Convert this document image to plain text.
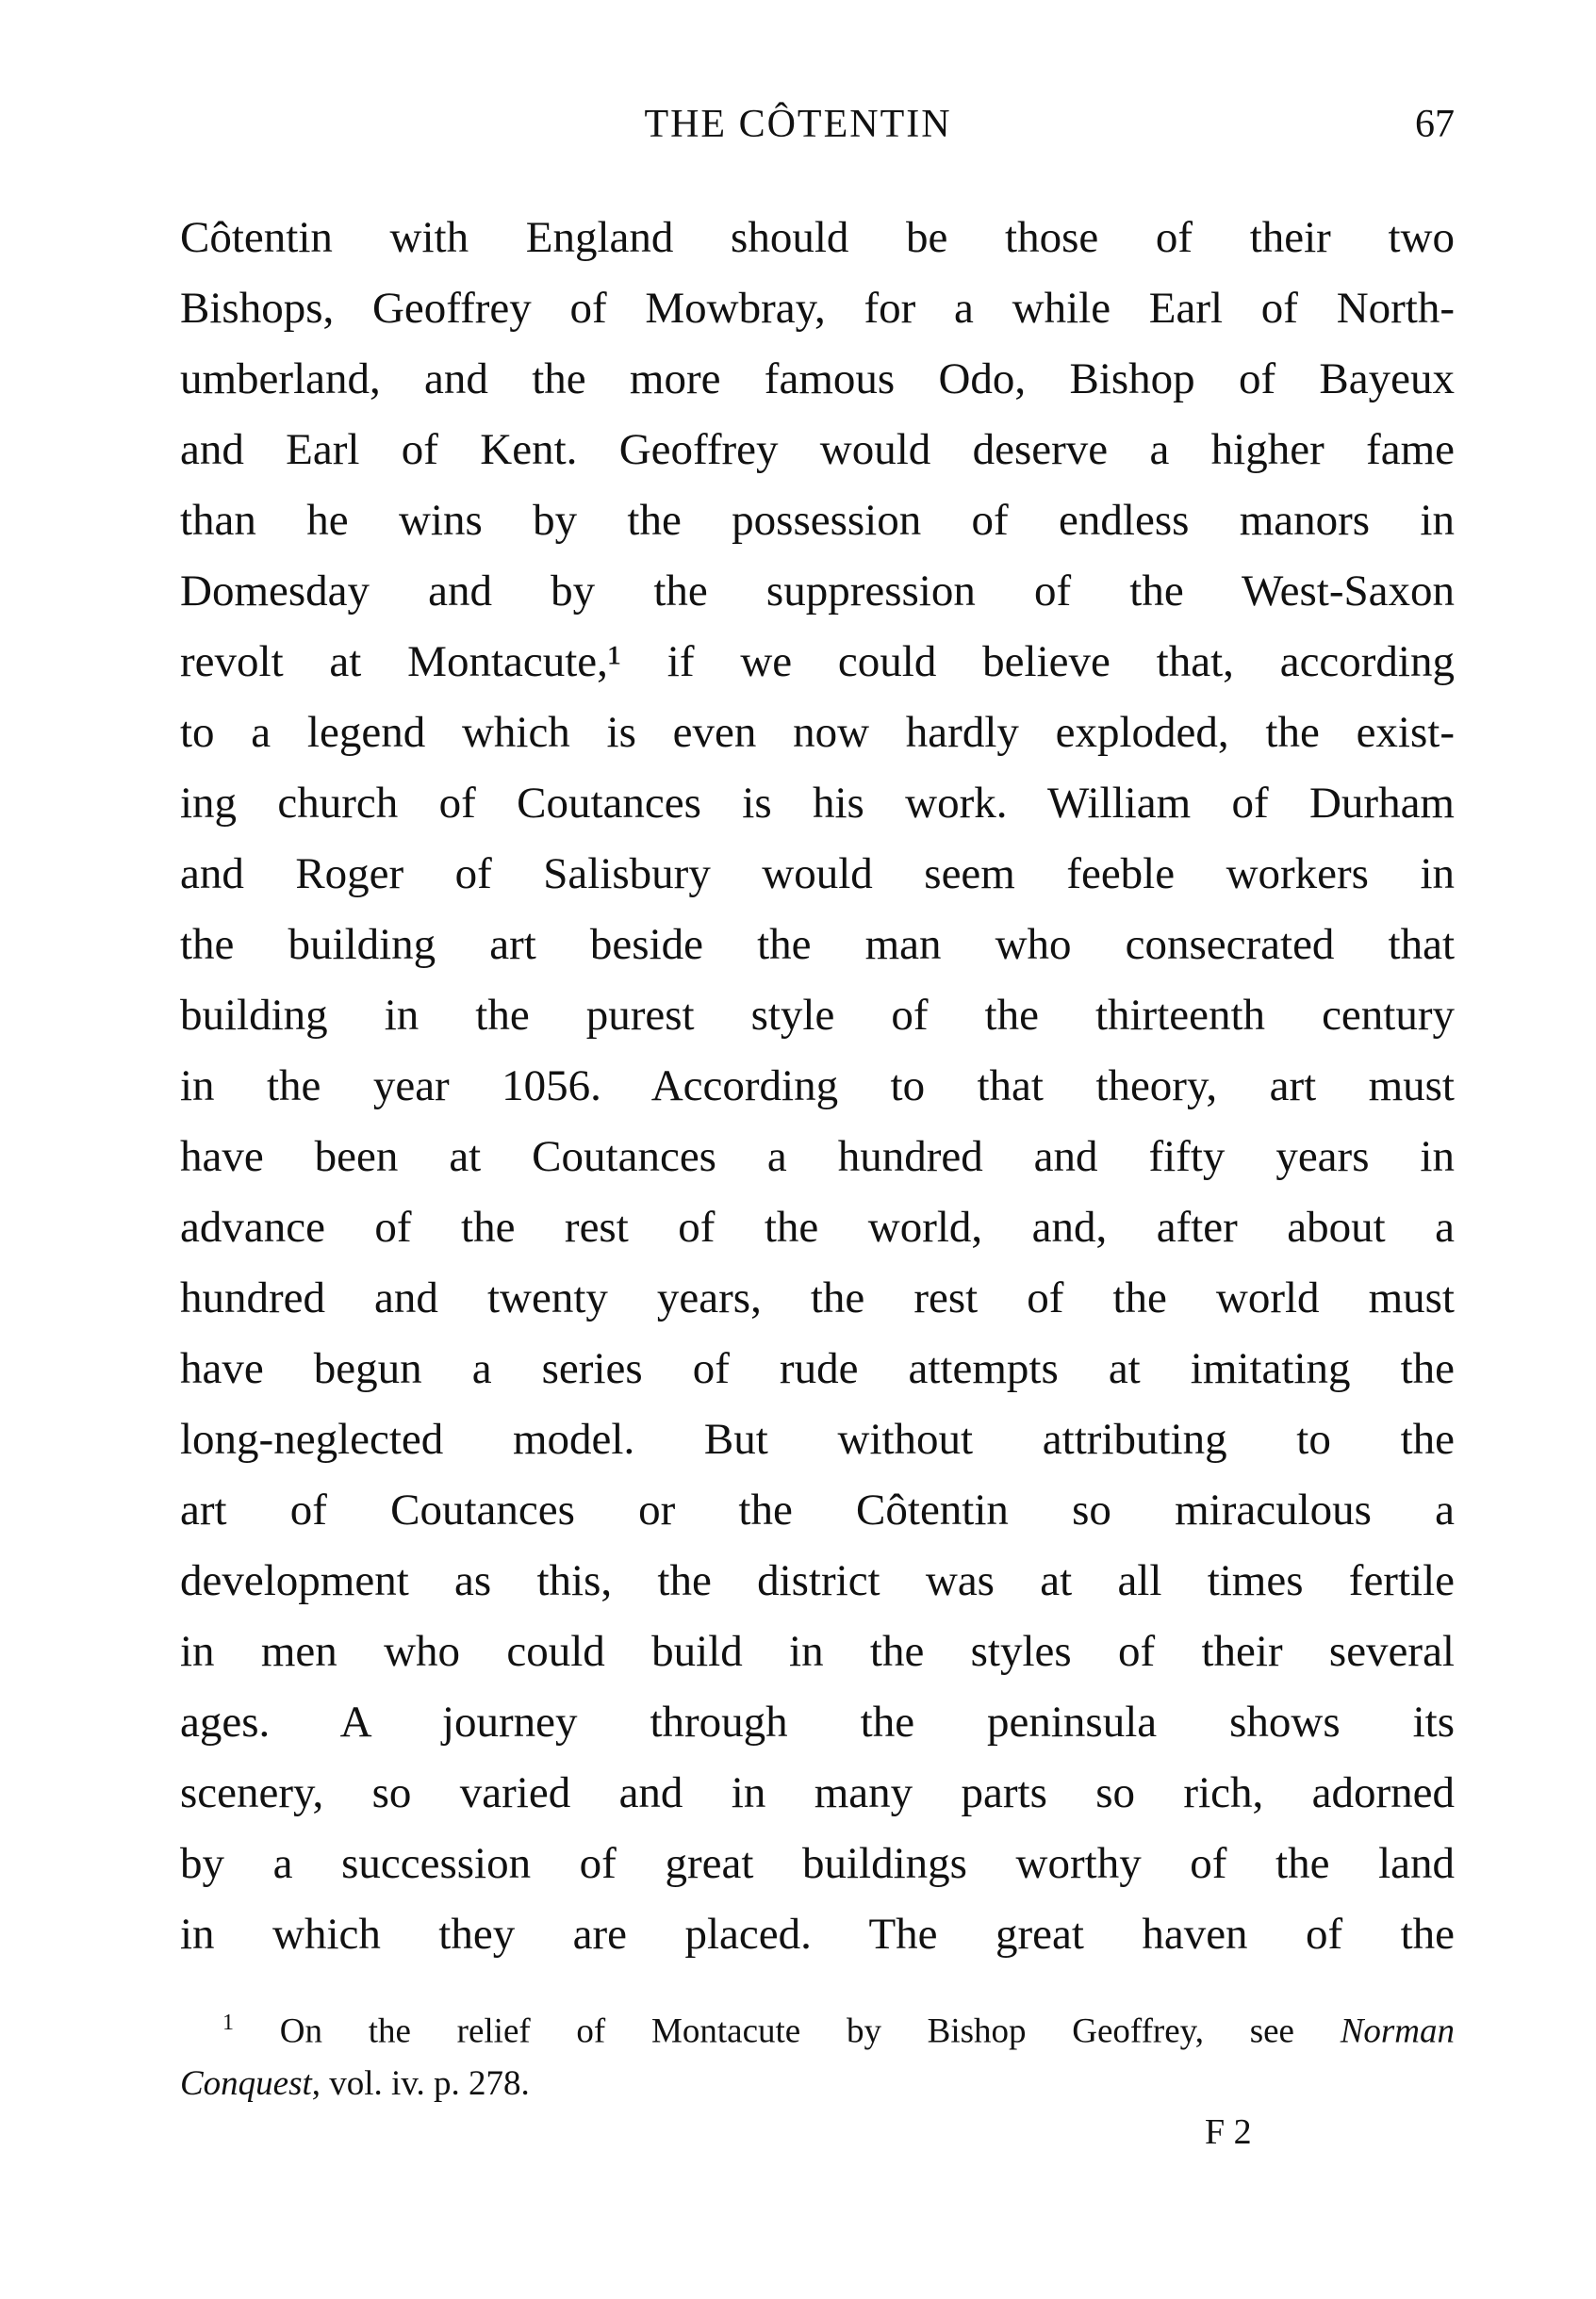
THE CÔTENTIN	67
Côtentin with England should be those of their two
Bishops, Geoffrey of Mowbray, for a while Earl of North-
umberland, and the more famous Odo, Bishop of Bayeux
and Earl of Kent. Geoffrey would deserve a higher fame
than he wins by the possession of endless manors in
Domesday and by the suppression of the West-Saxon
revolt at Montacute,¹ if we could believe that, according
to a legend which is even now hardly exploded, the exist-
ing church of Coutances is his work. William of Durham
and Roger of Salisbury would seem feeble workers in
the building art beside the man who consecrated that
building in the purest style of the thirteenth century
in the year 1056. According to that theory, art must
have been at Coutances a hundred and fifty years in
advance of the rest of the world, and, after about a
hundred and twenty years, the rest of the world must
have begun a series of rude attempts at imitating the
long-neglected model. But without attributing to the
art of Coutances or the Côtentin so miraculous a
development as this, the district was at all times fertile
in men who could build in the styles of their several
ages. A journey through the peninsula shows its
scenery, so varied and in many parts so rich, adorned
by a succession of great buildings worthy of the land
in which they are placed. The great haven of the
$^1$ On the relief of Montacute by Bishop Geoffrey, see Norman
Conquest, vol. iv. p. 278.
F 2
